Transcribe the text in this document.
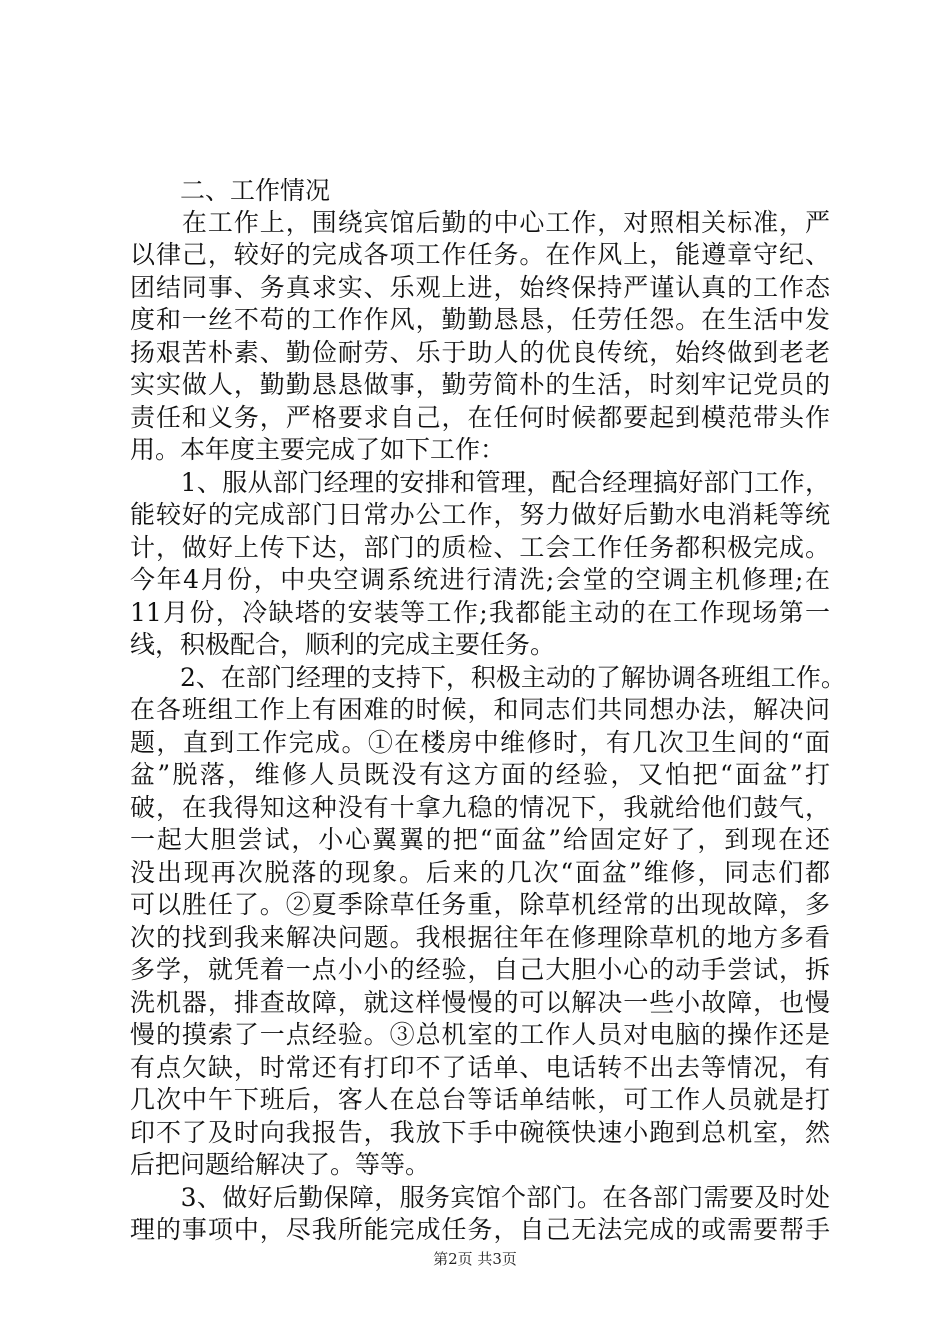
　　二、工作情况
　　在工作上，围绕宾馆后勤的中心工作，对照相关标准，严
以律己，较好的完成各项工作任务。在作风上，能遵章守纪、
团结同事、务真求实、乐观上进，始终保持严谨认真的工作态
度和一丝不苟的工作作风，勤勤恳恳，任劳任怨。在生活中发
扬艰苦朴素、勤俭耐劳、乐于助人的优良传统，始终做到老老
实实做人，勤勤恳恳做事，勤劳简朴的生活，时刻牢记党员的
责任和义务，严格要求自己，在任何时候都要起到模范带头作
用。本年度主要完成了如下工作：
　　1、服从部门经理的安排和管理，配合经理搞好部门工作，
能较好的完成部门日常办公工作，努力做好后勤水电消耗等统
计，做好上传下达，部门的质检、工会工作任务都积极完成。
今年4月份，中央空调系统进行清洗;会堂的空调主机修理;在
11月份，冷缺塔的安装等工作;我都能主动的在工作现场第一
线，积极配合，顺利的完成主要任务。
　　2、在部门经理的支持下，积极主动的了解协调各班组工作。
在各班组工作上有困难的时候，和同志们共同想办法，解决问
题，直到工作完成。①在楼房中维修时，有几次卫生间的“面
盆”脱落，维修人员既没有这方面的经验，又怕把“面盆”打
破，在我得知这种没有十拿九稳的情况下，我就给他们鼓气，
一起大胆尝试，小心翼翼的把“面盆”给固定好了，到现在还
没出现再次脱落的现象。后来的几次“面盆”维修，同志们都
可以胜任了。②夏季除草任务重，除草机经常的出现故障，多
次的找到我来解决问题。我根据往年在修理除草机的地方多看
多学，就凭着一点小小的经验，自己大胆小心的动手尝试，拆
洗机器，排查故障，就这样慢慢的可以解决一些小故障，也慢
慢的摸索了一点经验。③总机室的工作人员对电脑的操作还是
有点欠缺，时常还有打印不了话单、电话转不出去等情况，有
几次中午下班后，客人在总台等话单结帐，可工作人员就是打
印不了及时向我报告，我放下手中碗筷快速小跑到总机室，然
后把问题给解决了。等等。
　　3、做好后勤保障，服务宾馆个部门。在各部门需要及时处
理的事项中，尽我所能完成任务，自己无法完成的或需要帮手
第2页 共3页
